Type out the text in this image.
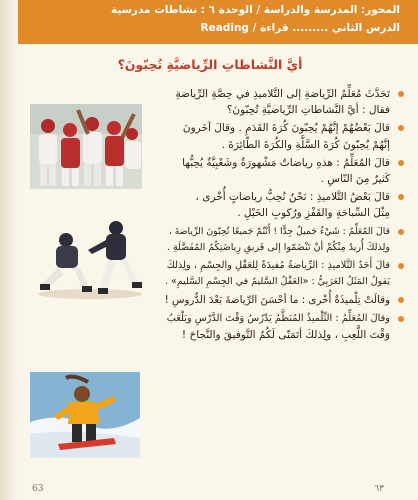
المحور: المدرسة والدراسة / الوحدة ٦ : نشاطات مدرسية
الدرس الثاني ......... قراءة / Reading
أيَّ النَّشاطاتِ الرِّياضيَّةِ تُحِبّونَ؟
تَحَدَّثَ مُعَلِّمُ الرِّياضةِ إلى التَّلاميذِ في حِصَّةِ الرِّياضةِ
فقال : أيَّ النَّشاطاتِ الرِّياضيَّةِ تُحِبّونَ؟
قالَ بَعْضُهُمْ إنَّهُمْ يُحِبّونَ كُرَةَ القَدَمِ . وقالَ آخَرونَ
إنَّهُمْ يُحِبّونَ كُرَةَ السَّلَّةِ والكُرَةَ الطّائِرَةَ .
قالَ المُعَلِّمُ : هذهِ رياضاتٌ مَشْهورَةٌ وشَعْبِيَّةٌ يُحِبُّها
كَثيرٌ مِنَ النّاسِ .
قالَ بَعْضُ التَّلاميذِ : نَحْنُ نُحِبُّ رياضاتٍ أُخْرى ،
مِثْلَ السِّباحَةِ والقَفْزِ ورُكوبِ الخَيْلِ .
قالَ المُعَلِّمُ : شَيْءٌ جَميلٌ جِدًّا ! أَنْتُمْ جَميعًا تُحِبّونَ الرِّياضةَ ،
ولِذلكَ أُريدُ مِنْكُمْ أنْ تَنْضَمّوا إلى فَريقِ رِياضَتِكُمُ المُفَضَّلَةِ .
قالَ أَحَدُ التَّلاميذِ : الرِّياضةُ مُفيدَةٌ لِلعَقْلِ والجِسْمِ ، ولِذلكَ
يَقولُ المَثَلُ العَرَبِيُّ : «العَقْلُ السَّليمُ في الجِسْمِ السَّليمِ» .
وقالَتْ تِلْميذَةٌ أُخْرى : ما أحْسَنَ الرِّياضةَ بَعْدَ الدُّروسِ !
وقالَ المُعَلِّمُ : التِّلْميذُ المُنَظَّمُ يَدْرُسُ وَقْتَ الدَّرْسِ ويَلْعَبُ
وَقْتَ اللَّعِبِ ، ولِذلكَ أتَمَنّى لَكُمُ التَّوفيقَ والنَّجاحَ !
63	٦٣
